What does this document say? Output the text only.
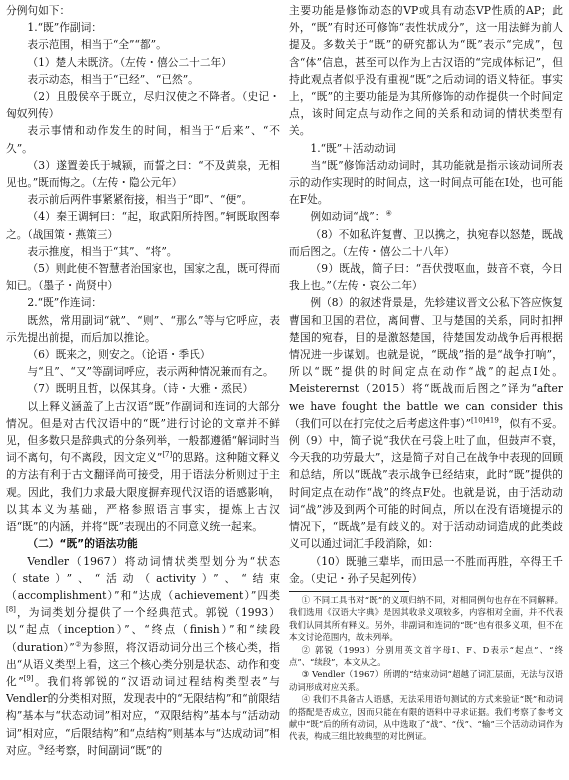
分例句如下：

1.“既”作副词：

表示范围，相当于“全”“都”。

（1）楚人未既济。（左传・僖公二十二年）

表示动态，相当于“已经”、“已然”。

（2）且殷侯卒于既立，尽归汉使之不降者。（史记・匈奴列传）

表示事情和动作发生的时间，相当于“后来”、“不久”。

（3）遂置姜氏于城颍，而誓之曰：“不及黄泉，无相见也。”既而悔之。（左传・隐公元年）

表示前后两件事紧紧衔接，相当于“即”、“便”。

（4）秦王调轲曰：“起，取武阳所持图。”轲既取图奉之。（战国策・燕策三）

表示推度，相当于“其”、“将”。

（5）则此使不智慧者治国家也，国家之乱，既可得而知已。（墨子・尚贤中）

2.“既”作连词：

既然，常用副词“就”、“则”、“那么”等与它呼应，表示先提出前提，而后加以推论。

（6）既来之，则安之。（论语・季氏）

与“且”、“又”等副词呼应，表示两种情况兼而有之。

（7）既明且哲，以保其身。（诗・大雅・烝民）

以上释义涵盖了上古汉语“既”作副词和连词的大部分情况。但是对古代汉语中的“既”进行讨论的文章并不鲜见，但多数只是辞典式的分条列举，一般都遵循“解词时当词不离句，句不离段，因文定义”[7]的思路。这种随文释义的方法有利于古文翻译尚可接受，用于语法分析则过于主观。因此，我们力求最大限度摒弃现代汉语的语感影响，以其本义为基础，严格参照语言事实，提炼上古汉语“既”的内涵，并将“既”表现出的不同意义统一起来。

（二）“既”的语法功能

Vendler（1967）将动词情状类型划分为“状态（state）”、“活动（activity）”、“结束（accomplishment）”和“达成（achievement）”四类[8]，为词类划分提供了一个经典范式。郭锐（1993）以“起点（inception）”、“终点（finish）”和“续段（duration）”②为参照，将汉语动词分出三个核心类，指出“从语义类型上看，这三个核心类分别是状态、动作和变化”[9]。我们将郭锐的“汉语动词过程结构类型表”与Vendler的分类相对照，发现表中的“无限结构”和“前限结构”基本与“状态动词”相对应，“双限结构”基本与“活动动词”相对应，“后限结构”和“点结构”则基本与“达成动词”相对应。③经考察，时间副词“既”的

主要功能是修饰动态的VP或具有动态VP性质的AP；此外，“既”有时还可修饰“表性状成分”，这一用法鲜为前人提及。多数关于“既”的研究都认为“既”表示“完成”，包含“体”信息，甚至可以作为上古汉语的“完成体标记”，但持此观点者似乎没有重视“既”之后动词的语义特征。事实上，“既”的主要功能是为其所修饰的动作提供一个时间定点，该时间定点与动作之间的关系和动词的情状类型有关。

1.“既”＋活动动词

当“既”修饰活动动词时，其功能就是指示该动词所表示的动作实现时的时间点，这一时间点可能在I处，也可能在F处。

例如动词“战”：④

（8）不如私许复曹、卫以携之，执宛春以怒楚，既战而后图之。（左传・僖公二十八年）

（9）既战，简子曰：“吾伏弢呕血，鼓音不衰，今日我上也。”（左传・哀公二年）

例（8）的叙述背景是，先轸建议晋文公私下答应恢复曹国和卫国的君位，离间曹、卫与楚国的关系，同时扣押楚国的宛春，目的是激怒楚国，待楚国发动战争后再根据情况进一步谋划。也就是说，“既战”指的是“战争打响”，所以“既”提供的时间定点在动作“战”的起点I处。Meisterernst（2015）将“既战而后图之”译为“after we have fought the battle we can consider this（我们可以在打完仗之后考虑这件事）”$^{[10]419}$，似有不妥。例（9）中，简子说“我伏在弓袋上吐了血，但鼓声不衰，今天我的功劳最大”，这是简子对自己在战争中表现的回顾和总结，所以“既战”表示战争已经结束，此时“既”提供的时间定点在动作“战”的终点F处。也就是说，由于活动动词“战”涉及到两个可能的时间点，所以在没有语境提示的情况下，“既战”是有歧义的。对于活动动词造成的此类歧义可以通过词汇手段消除，如：

（10）既驰三辈毕，而田忌一不胜而再胜，卒得王千金。（史记・孙子吴起列传）

① 不同工具书对“既”的义项归纳不同，对相同例句也存在不同解释。我们选用《汉语大字典》是因其收录义项较多，内容相对全面，并不代表我们认同其所有释义。另外，非副词和连词的“既”也有很多义项，但不在本文讨论范围内，故未列举。

② 郭锐（1993）分别用英文首字母I、F、D表示“起点”、“终点”、“续段”，本文从之。

③ Vendler（1967）所谓的“结束动词”超越了词汇层面，无法与汉语动词形成对应关系。

④ 我们不具备古人语感，无法采用语句测试的方式来验证“既”和动词的搭配是否成立，因而只能在有限的语料中寻求证据。我们考察了参考文献中“既”后的所有动词，从中选取了“战”、“伐”、“输”三个活动动词作为代表，构成三组比较典型的对比例证。
